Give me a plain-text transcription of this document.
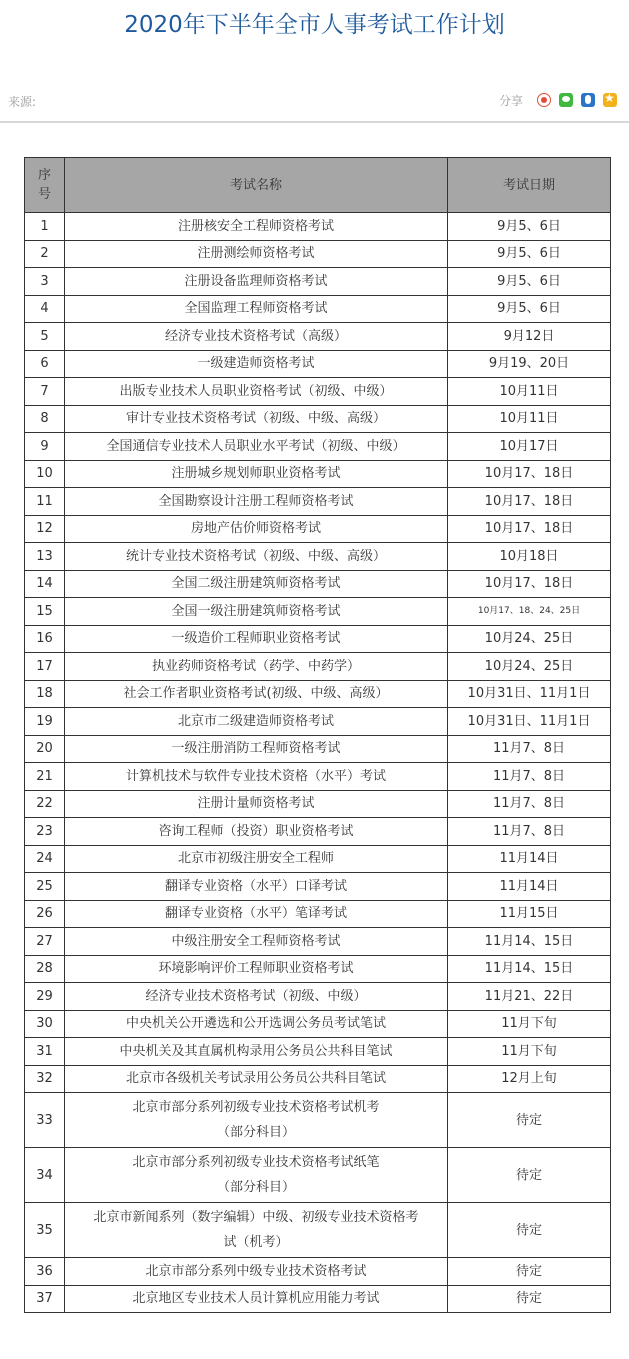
2020年下半年全市人事考试工作计划
来源:	分享
★
序
号	考试名称	考试日期
1	注册核安全工程师资格考试	9月5、6日
2	注册测绘师资格考试	9月5、6日
3	注册设备监理师资格考试	9月5、6日
4	全国监理工程师资格考试	9月5、6日
5	经济专业技术资格考试（高级）	9月12日
6	一级建造师资格考试	9月19、20日
7	出版专业技术人员职业资格考试（初级、中级）	10月11日
8	审计专业技术资格考试（初级、中级、高级）	10月11日
9	全国通信专业技术人员职业水平考试（初级、中级）	10月17日
10	注册城乡规划师职业资格考试	10月17、18日
11	全国勘察设计注册工程师资格考试	10月17、18日
12	房地产估价师资格考试	10月17、18日
13	统计专业技术资格考试（初级、中级、高级）	10月18日
14	全国二级注册建筑师资格考试	10月17、18日
15	全国一级注册建筑师资格考试	10月17、18、24、25日
16	一级造价工程师职业资格考试	10月24、25日
17	执业药师资格考试（药学、中药学）	10月24、25日
18	社会工作者职业资格考试(初级、中级、高级）	10月31日、11月1日
19	北京市二级建造师资格考试	10月31日、11月1日
20	一级注册消防工程师资格考试	11月7、8日
21	计算机技术与软件专业技术资格（水平）考试	11月7、8日
22	注册计量师资格考试	11月7、8日
23	咨询工程师（投资）职业资格考试	11月7、8日
24	北京市初级注册安全工程师	11月14日
25	翻译专业资格（水平）口译考试	11月14日
26	翻译专业资格（水平）笔译考试	11月15日
27	中级注册安全工程师资格考试	11月14、15日
28	环境影响评价工程师职业资格考试	11月14、15日
29	经济专业技术资格考试（初级、中级）	11月21、22日
30	中央机关公开遴选和公开选调公务员考试笔试	11月下旬
31	中央机关及其直属机构录用公务员公共科目笔试	11月下旬
32	北京市各级机关考试录用公务员公共科目笔试	12月上旬
33	北京市部分系列初级专业技术资格考试机考
（部分科目）	待定
34	北京市部分系列初级专业技术资格考试纸笔
（部分科目）	待定
35	北京市新闻系列（数字编辑）中级、初级专业技术资格考
试（机考）	待定
36	北京市部分系列中级专业技术资格考试	待定
37	北京地区专业技术人员计算机应用能力考试	待定
